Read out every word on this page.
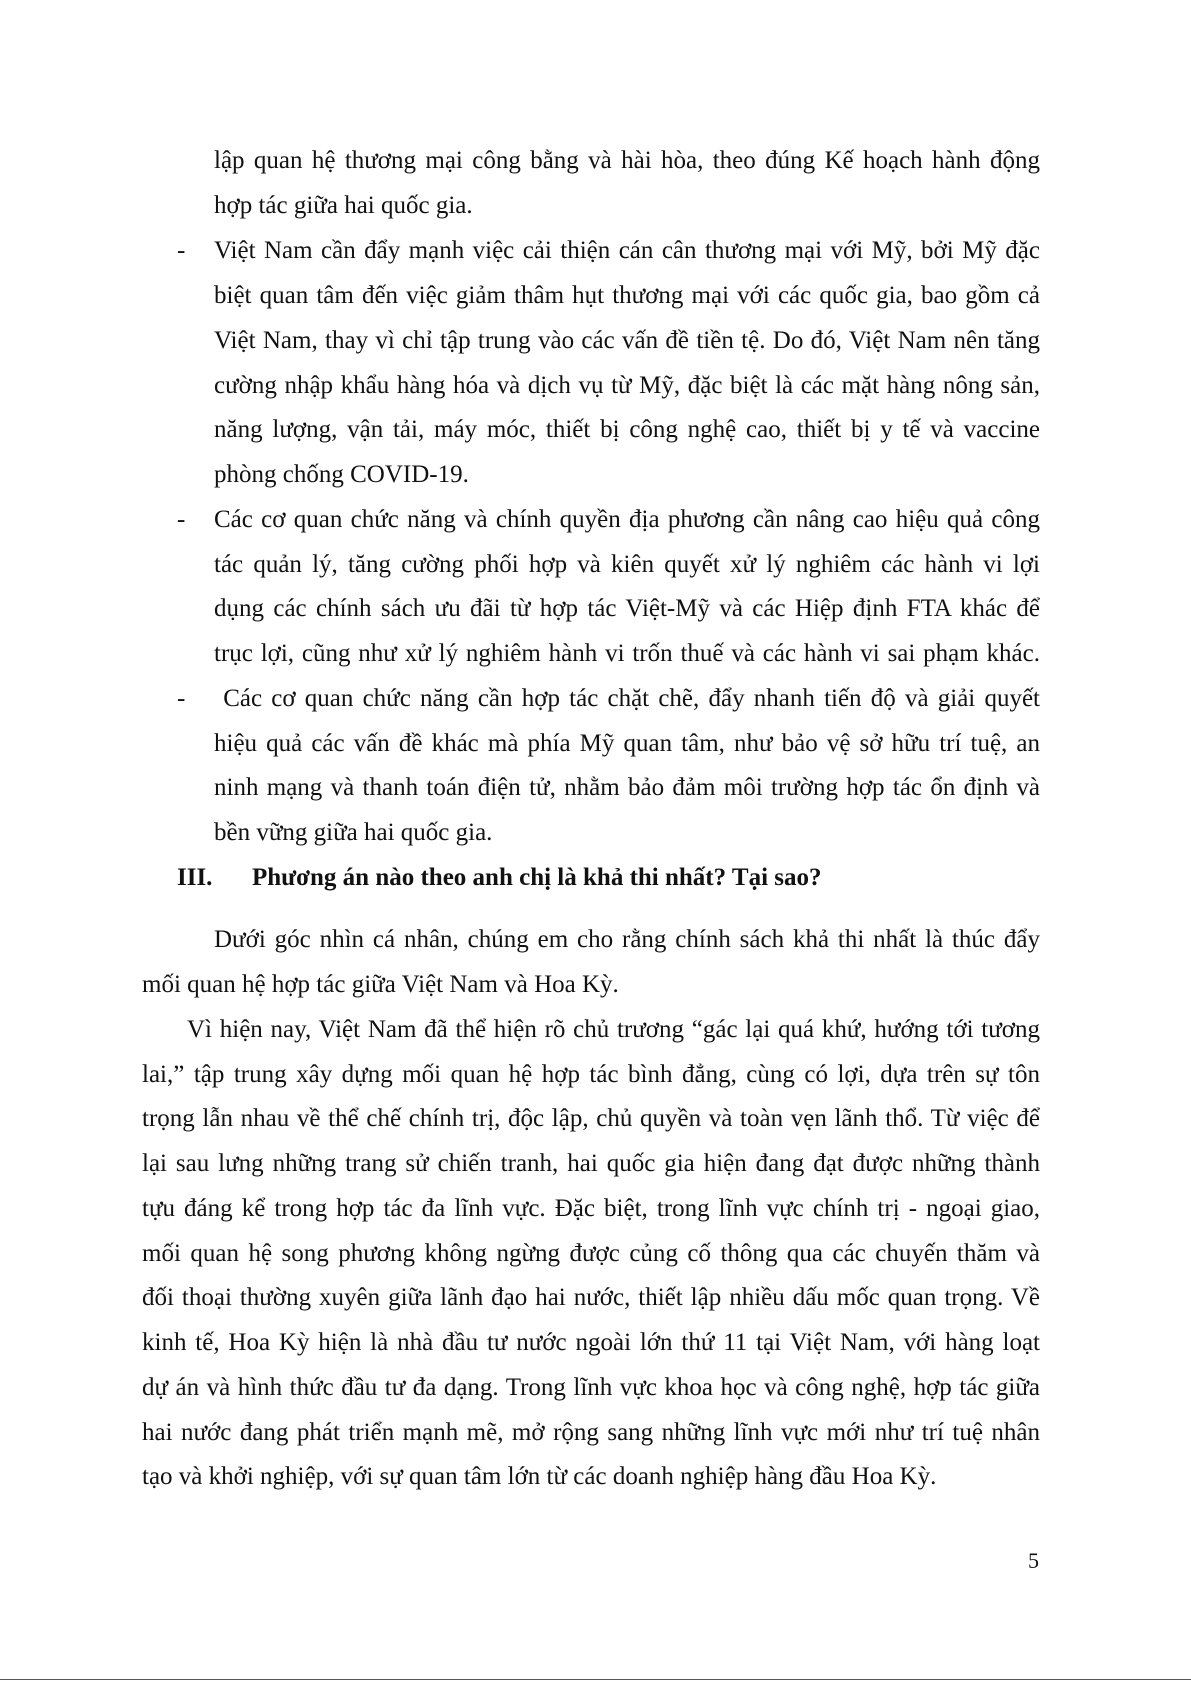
lập quan hệ thương mại công bằng và hài hòa, theo đúng Kế hoạch hành động
hợp tác giữa hai quốc gia.
- Việt Nam cần đẩy mạnh việc cải thiện cán cân thương mại với Mỹ, bởi Mỹ đặc
biệt quan tâm đến việc giảm thâm hụt thương mại với các quốc gia, bao gồm cả
Việt Nam, thay vì chỉ tập trung vào các vấn đề tiền tệ. Do đó, Việt Nam nên tăng
cường nhập khẩu hàng hóa và dịch vụ từ Mỹ, đặc biệt là các mặt hàng nông sản,
năng lượng, vận tải, máy móc, thiết bị công nghệ cao, thiết bị y tế và vaccine
phòng chống COVID-19.
- Các cơ quan chức năng và chính quyền địa phương cần nâng cao hiệu quả công
tác quản lý, tăng cường phối hợp và kiên quyết xử lý nghiêm các hành vi lợi
dụng các chính sách ưu đãi từ hợp tác Việt-Mỹ và các Hiệp định FTA khác để
trục lợi, cũng như xử lý nghiêm hành vi trốn thuế và các hành vi sai phạm khác.
- Các cơ quan chức năng cần hợp tác chặt chẽ, đẩy nhanh tiến độ và giải quyết
hiệu quả các vấn đề khác mà phía Mỹ quan tâm, như bảo vệ sở hữu trí tuệ, an
ninh mạng và thanh toán điện tử, nhằm bảo đảm môi trường hợp tác ổn định và
bền vững giữa hai quốc gia.
III. Phương án nào theo anh chị là khả thi nhất? Tại sao?
Dưới góc nhìn cá nhân, chúng em cho rằng chính sách khả thi nhất là thúc đẩy
mối quan hệ hợp tác giữa Việt Nam và Hoa Kỳ.
Vì hiện nay, Việt Nam đã thể hiện rõ chủ trương “gác lại quá khứ, hướng tới tương
lai,” tập trung xây dựng mối quan hệ hợp tác bình đẳng, cùng có lợi, dựa trên sự tôn
trọng lẫn nhau về thể chế chính trị, độc lập, chủ quyền và toàn vẹn lãnh thổ. Từ việc để
lại sau lưng những trang sử chiến tranh, hai quốc gia hiện đang đạt được những thành
tựu đáng kể trong hợp tác đa lĩnh vực. Đặc biệt, trong lĩnh vực chính trị - ngoại giao,
mối quan hệ song phương không ngừng được củng cố thông qua các chuyến thăm và
đối thoại thường xuyên giữa lãnh đạo hai nước, thiết lập nhiều dấu mốc quan trọng. Về
kinh tế, Hoa Kỳ hiện là nhà đầu tư nước ngoài lớn thứ 11 tại Việt Nam, với hàng loạt
dự án và hình thức đầu tư đa dạng. Trong lĩnh vực khoa học và công nghệ, hợp tác giữa
hai nước đang phát triển mạnh mẽ, mở rộng sang những lĩnh vực mới như trí tuệ nhân
tạo và khởi nghiệp, với sự quan tâm lớn từ các doanh nghiệp hàng đầu Hoa Kỳ.
5
